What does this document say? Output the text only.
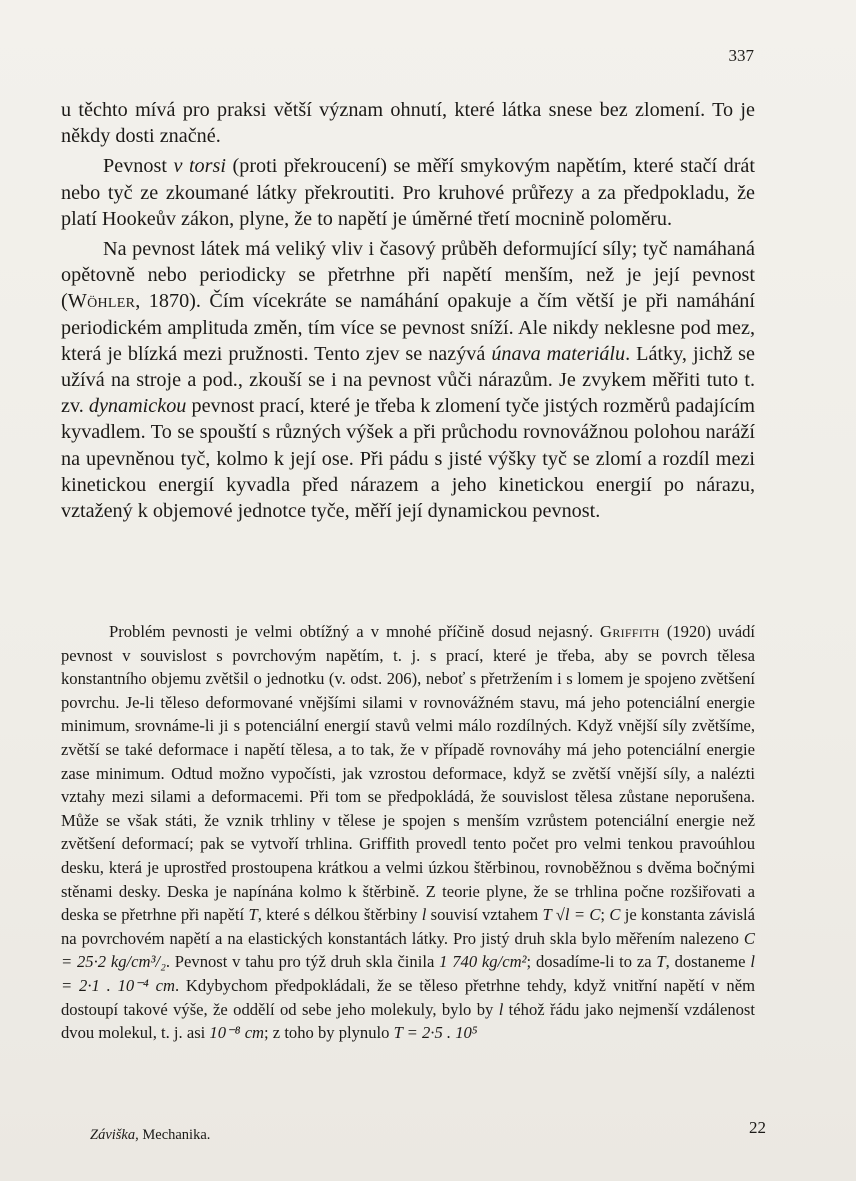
337

u těchto mívá pro praksi větší význam ohnutí, které látka snese bez zlomení. To je někdy dosti značné.

Pevnost v torsi (proti překroucení) se měří smykovým napětím, které stačí drát nebo tyč ze zkoumané látky překroutiti. Pro kruhové průřezy a za předpokladu, že platí Hookeův zákon, plyne, že to napětí je úměrné třetí mocnině poloměru.

Na pevnost látek má veliký vliv i časový průběh deformující síly; tyč namáhaná opětovně nebo periodicky se přetrhne při napětí menším, než je její pevnost (Wöhler, 1870). Čím vícekráte se namáhání opakuje a čím větší je při namáhání periodickém amplituda změn, tím více se pevnost sníží. Ale nikdy neklesne pod mez, která je blízká mezi pružnosti. Tento zjev se nazývá únava materiálu. Látky, jichž se užívá na stroje a pod., zkouší se i na pevnost vůči nárazům. Je zvykem měřiti tuto t. zv. dynamickou pevnost prací, které je třeba k zlomení tyče jistých rozměrů padajícím kyvadlem. To se spouští s různých výšek a při průchodu rovnovážnou polohou naráží na upevněnou tyč, kolmo k její ose. Při pádu s jisté výšky tyč se zlomí a rozdíl mezi kinetickou energií kyvadla před nárazem a jeho kinetickou energií po nárazu, vztažený k objemové jednotce tyče, měří její dynamickou pevnost.

Problém pevnosti je velmi obtížný a v mnohé příčině dosud nejasný. Griffith (1920) uvádí pevnost v souvislost s povrchovým napětím, t. j. s prací, které je třeba, aby se povrch tělesa konstantního objemu zvětšil o jednotku (v. odst. 206), neboť s přetržením i s lomem je spojeno zvětšení povrchu. Je-li těleso deformované vnějšími silami v rovnovážném stavu, má jeho potenciální energie minimum, srovnáme-li ji s potenciální energií stavů velmi málo rozdílných. Když vnější síly zvětšíme, zvětší se také deformace i napětí tělesa, a to tak, že v případě rovnováhy má jeho potenciální energie zase minimum. Odtud možno vypočísti, jak vzrostou deformace, když se zvětší vnější síly, a nalézti vztahy mezi silami a deformacemi. Při tom se předpokládá, že souvislost tělesa zůstane neporušena. Může se však státi, že vznik trhliny v tělese je spojen s menším vzrůstem potenciální energie než zvětšení deformací; pak se vytvoří trhlina. Griffith provedl tento počet pro velmi tenkou pravoúhlou desku, která je uprostřed prostoupena krátkou a velmi úzkou štěrbinou, rovnoběžnou s dvěma bočnými stěnami desky. Deska je napínána kolmo k štěrbině. Z teorie plyne, že se trhlina počne rozšiřovati a deska se přetrhne při napětí T, které s délkou štěrbiny l souvisí vztahem T √l = C; C je konstanta závislá na povrchovém napětí a na elastických konstantách látky. Pro jistý druh skla bylo měřením nalezeno C = 25·2 kg/cm³/₂. Pevnost v tahu pro týž druh skla činila 1 740 kg/cm²; dosadíme-li to za T, dostaneme l = 2·1 . 10⁻⁴ cm. Kdybychom předpokládali, že se těleso přetrhne tehdy, když vnitřní napětí v něm dostoupí takové výše, že oddělí od sebe jeho molekuly, bylo by l téhož řádu jako nejmenší vzdálenost dvou molekul, t. j. asi 10⁻⁸ cm; z toho by plynulo T = 2·5 . 10⁵

Záviška, Mechanika.	22
